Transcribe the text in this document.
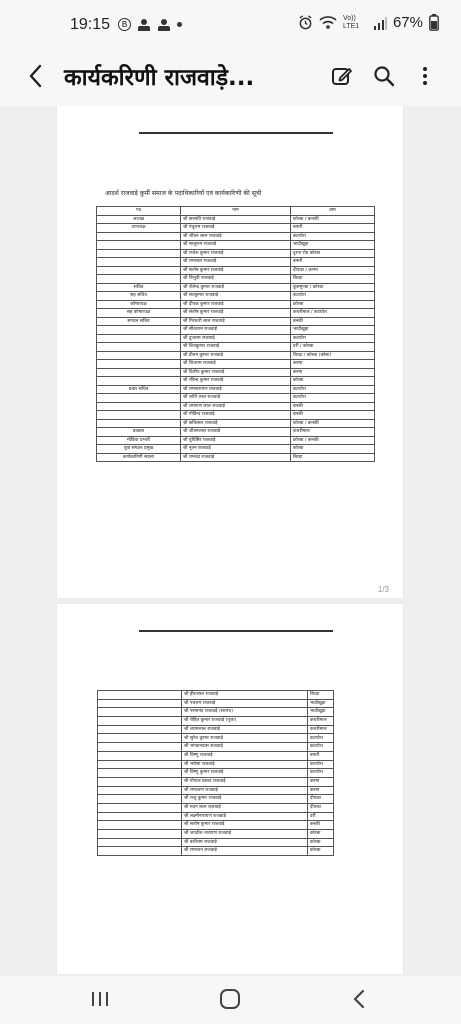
19:15	B
Vo)) LTE1	67%
कार्यकरिणी राजवाड़े...
आदर्श राजवाड़े कुर्मी समाज के पदाधिकारियों एवं कार्यकारिणी की सूची
पद	नाम	ग्राम
अध्यक्ष	श्री छत्रपति राजवाड़े	कोरबा / कनकी
उपाध्यक्ष	श्री पंचुराम राजवाड़े	बनारी
	श्री जीवन लाल राजवाड़े	कटघोरा
	श्री सालुराम राजवाड़े	भादीखुड़ा
	श्री राजेश कुमार राजवाड़े	दुरपा रोड कोरबा
	श्री रामलाल राजवाड़े	बनारी
	श्री सतोष कुमार राजवाड़े	दीपका / करमा
	श्री त्रिभुवी राजवाड़े	बिरदा
सचिव	श्री शैलेन्द्र कुमार राजवाड़े	कुसमुण्डा / कोरबा
सह सचिव	श्री सतकुमार राजवाड़े	कटघोरा
कोषाध्यक्ष	श्री दीपक कुमार राजवाड़े	कोरबा
सह कोषाध्यक्ष	श्री संतोष कुमार राजवाड़े	कथरीमाल / कटघोरा
सगठन सचिव	श्री गिरधारी लाल राजवाड़े	बनकी
	श्री सीताराम राजवाड़े	भादीखुड़ा
	श्री दुजराम राजवाड़े	कटघोरा
	श्री शिवकुमार राजवाड़े	दर्री / कोरबा
	श्री प्रीतम कुमार राजवाड़े	बिरदा / कोरबा (कोसा)
	श्री शिवराम राजवाड़े	करमा
	श्री दिलीप कुमार राजवाड़े	करमा
	श्री रविन्द्र कुमार राजवाड़े	कोरबा
प्रचार सचिव	श्री रामनारायण राजवाड़े	कटघोरा
	श्री शांति लाल राजवाड़े	कटघोरा
	श्री रामायण लाल राजवाड़े	बनकी
	श्री गोविन्द राजवाड़े	बनकी
	श्री छविलाल राजवाड़े	कोरबा / कनकी
प्रवक्ता	श्री जीवनलाल राजवाड़े	कथरीमाल
मीडिया प्रभारी	श्री युधिष्ठिर राजवाड़े	कोरबा / कनकी
युवा संगठन प्रमुख	श्री नूतन राजवाड़े	कोरबा
कार्यकारिणी सदस्य	श्री रामचंद राजवाड़े	बिरदा
1/3
	श्री हीरालाल राजवाड़े	बिरदा
	श्री पचराम राजवाड़े	भादीखुड़ा
	श्री परमानंद राजवाड़े (सरपंच)	भादीखुड़ा
	श्री रोहित कुमार राजवाड़े (पूजा)	कथरीमाल
	श्री श्यामलाल राजवाड़े	कथरीमाल
	श्री सुरेश कुमार राजवाड़े	कटघोरा
	श्री भगवानदास राजवाड़े	कटघोरा
	श्री विष्णु राजवाड़े	बनारी
	श्री भरोसा राजवाड़े	कटघोरा
	श्री विष्णु कुमार राजवाड़े	कटघोरा
	श्री गोपाल प्रसाद राजवाड़े	करमा
	श्री रामचरण राजवाड़े	करमा
	श्री राजु कुमार राजवाड़े	दीपका
	श्री मदन लाल राजवाड़े	दीपका
	श्री लक्ष्मीनारायण राजवाड़े	दर्री
	श्री सतोष कुमार राजवाड़े	बनकी
	श्री जगदीश नारायण राजवाड़े	कोरबा
	श्री बलीराम राजवाड़े	कोरबा
	श्री रामरतन राजवाड़े	कोरबा
